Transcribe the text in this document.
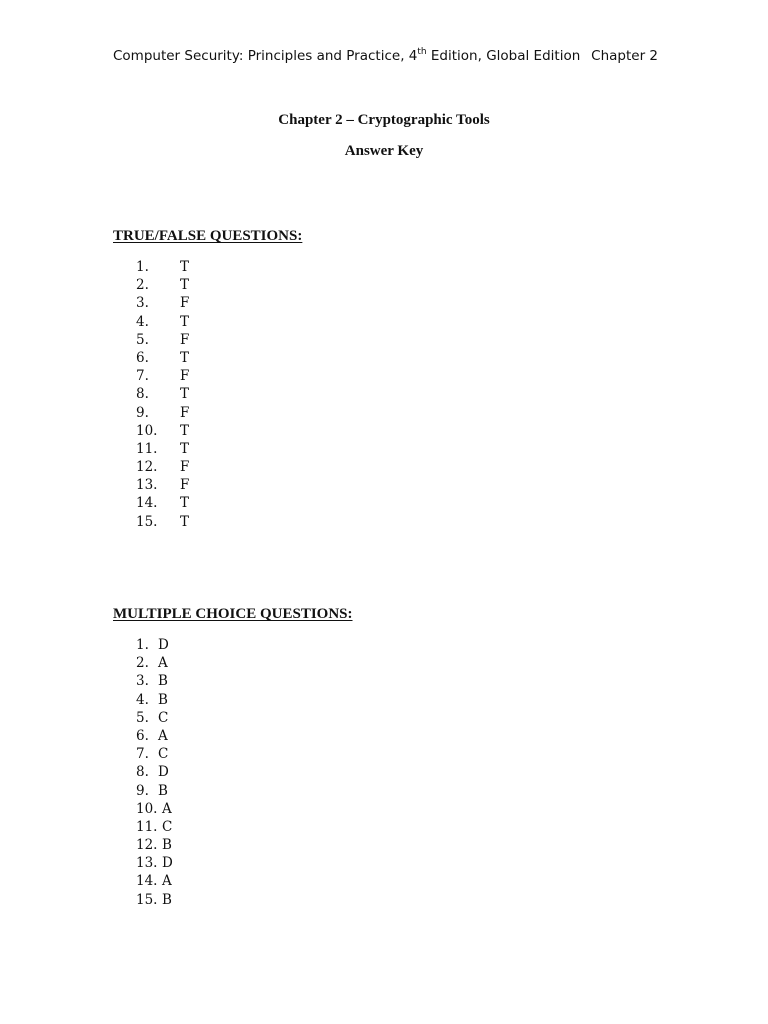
Computer Security: Principles and Practice, 4th Edition, Global Edition Chapter 2
Chapter 2 – Cryptographic Tools
Answer Key
TRUE/FALSE QUESTIONS:
1. T
2. T
3. F
4. T
5. F
6. T
7. F
8. T
9. F
10. T
11. T
12. F
13. F
14. T
15. T
MULTIPLE CHOICE QUESTIONS:
1. D
2. A
3. B
4. B
5. C
6. A
7. C
8. D
9. B
10. A
11. C
12. B
13. D
14. A
15. B
